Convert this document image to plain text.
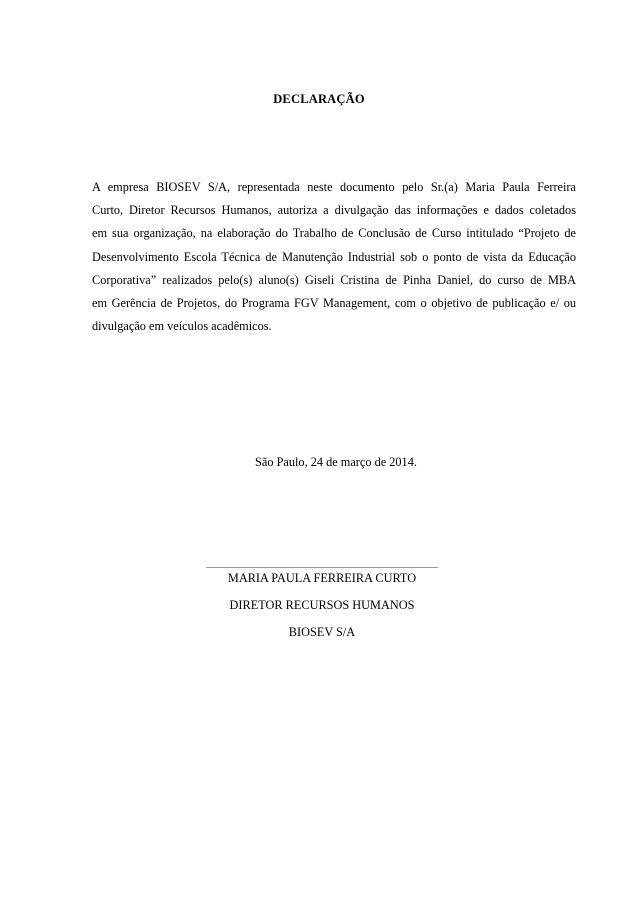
DECLARAÇÃO
A empresa BIOSEV S/A, representada neste documento pelo Sr.(a) Maria Paula Ferreira
Curto, Diretor Recursos Humanos, autoriza a divulgação das informações e dados coletados
em sua organização, na elaboração do Trabalho de Conclusão de Curso intitulado “Projeto de
Desenvolvimento Escola Técnica de Manutenção Industrial sob o ponto de vista da Educação
Corporativa” realizados pelo(s) aluno(s) Giseli Cristina de Pinha Daniel, do curso de MBA
em Gerência de Projetos, do Programa FGV Management, com o objetivo de publicação e/ ou
divulgação em veículos acadêmicos.
São Paulo, 24 de março de 2014.
MARIA PAULA FERREIRA CURTO
DIRETOR RECURSOS HUMANOS
BIOSEV S/A
